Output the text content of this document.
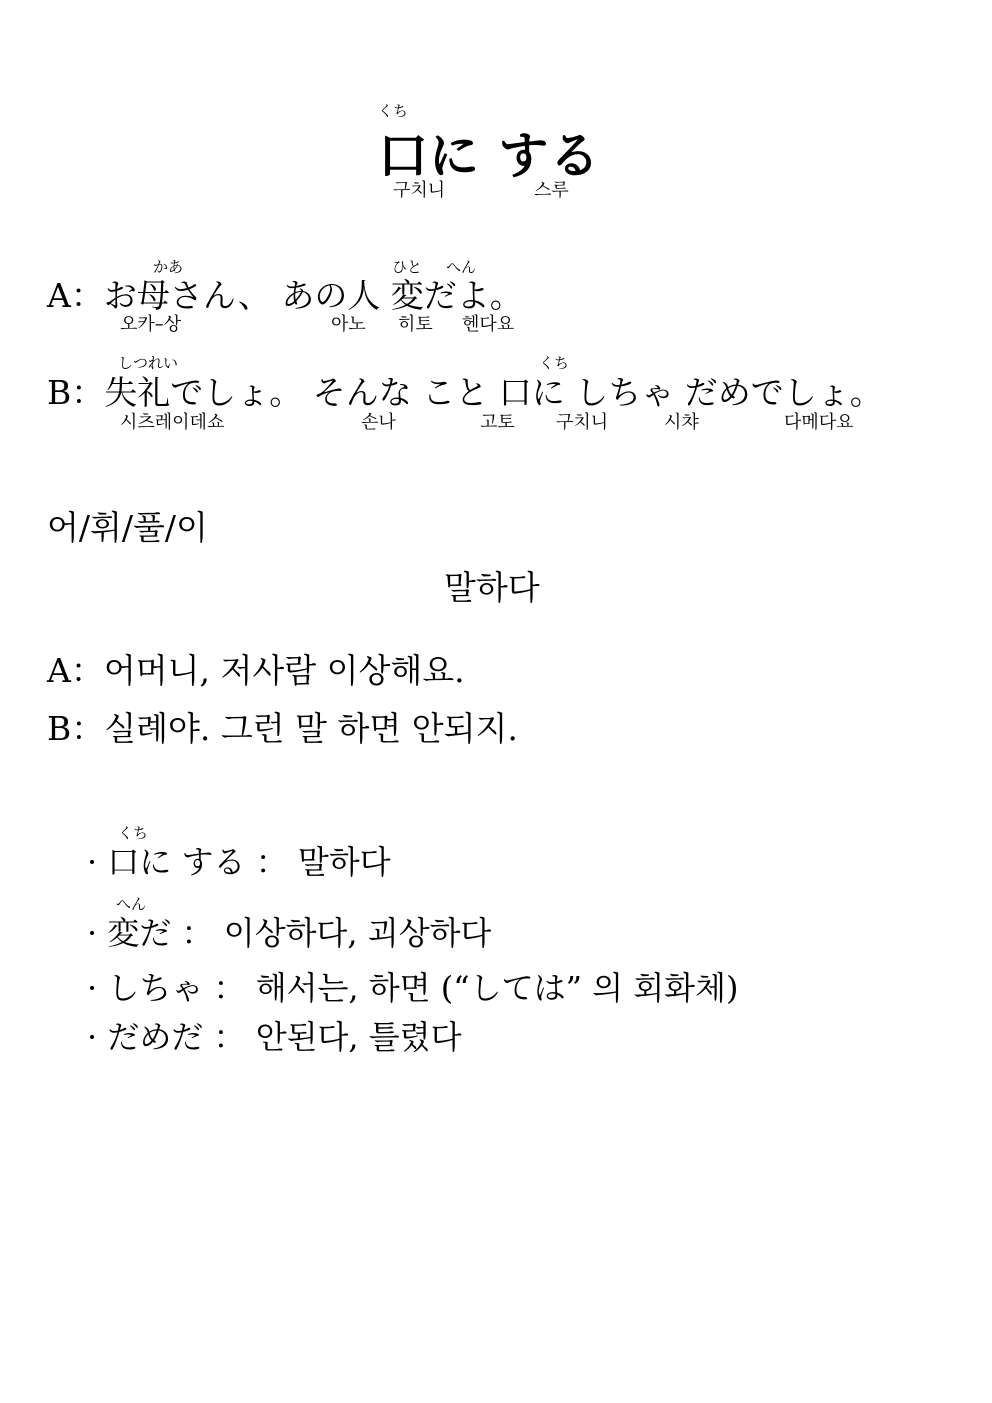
くち
口に する
구치니	스루
かあ	ひと へん
A：お母さん、 あの人 変だよ。
오카–상	아노 히토 헨다요
しつれい	くち
B：失礼でしょ。 そんな こと 口に しちゃ だめでしょ。
시츠레이데쇼	손나	고토 구치니	시챠	다메다요
어/휘/풀/이
말하다
A：어머니, 저사람 이상해요.
B：실례야. 그런 말 하면 안되지.
くち
· 口に する ： 말하다
へん
· 変だ ： 이상하다, 괴상하다
· しちゃ ： 해서는, 하면 (“しては” 의 회화체)
· だめだ ： 안된다, 틀렸다
